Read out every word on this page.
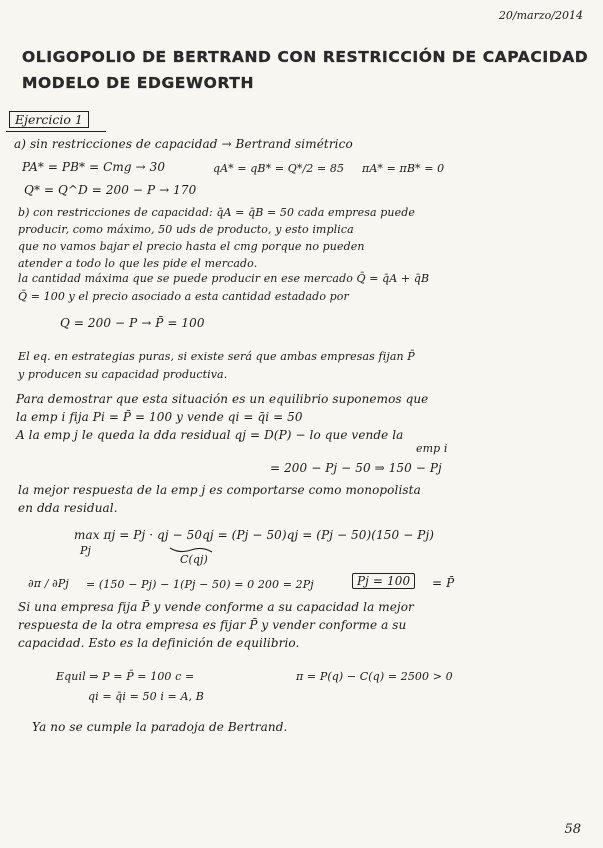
20/marzo/2014
OLIGOPOLIO DE BERTRAND CON RESTRICCIÓN DE CAPACIDAD
MODELO DE EDGEWORTH
Ejercicio 1
a) sin restricciones de capacidad → Bertrand simétrico
PA* = PB* = Cmg → 30	qA* = qB* = Q*/2 = 85 πA* = πB* = 0
Q* = Q^D = 200 − P → 170
b) con restricciones de capacidad: q̄A = q̄B = 50 cada empresa puede
producir, como máximo, 50 uds de producto, y esto implica
que no vamos bajar el precio hasta el cmg porque no pueden
atender a todo lo que les pide el mercado.
la cantidad máxima que se puede producir en ese mercado Q̄ = q̄A + q̄B
Q̄ = 100 y el precio asociado a esta cantidad estadado por
Q = 200 − P → P̄ = 100
El eq. en estrategias puras, si existe será que ambas empresas fijan P̄
y producen su capacidad productiva.
Para demostrar que esta situación es un equilibrio suponemos que
la emp i fija Pi = P̄ = 100 y vende qi = q̄i = 50
A la emp j le queda la dda residual qj = D(P) − lo que vende la
emp i
= 200 − Pj − 50 ⇒ 150 − Pj
la mejor respuesta de la emp j es comportarse como monopolista
en dda residual.
max πj = Pj · qj − 50qj = (Pj − 50)qj = (Pj − 50)(150 − Pj)
Pj
C(qj)
∂π / ∂Pj = (150 − Pj) − 1(Pj − 50) = 0 200 = 2Pj	Pj = 100	= P̄
Si una empresa fija P̄ y vende conforme a su capacidad la mejor
respuesta de la otra empresa es fijar P̄ y vender conforme a su
capacidad. Esto es la definición de equilibrio.
Equil ⇒ P = P̄ = 100 c =	π = P(q) − C(q) = 2500 > 0
qi = q̄i = 50 i = A, B
Ya no se cumple la paradoja de Bertrand.
58
